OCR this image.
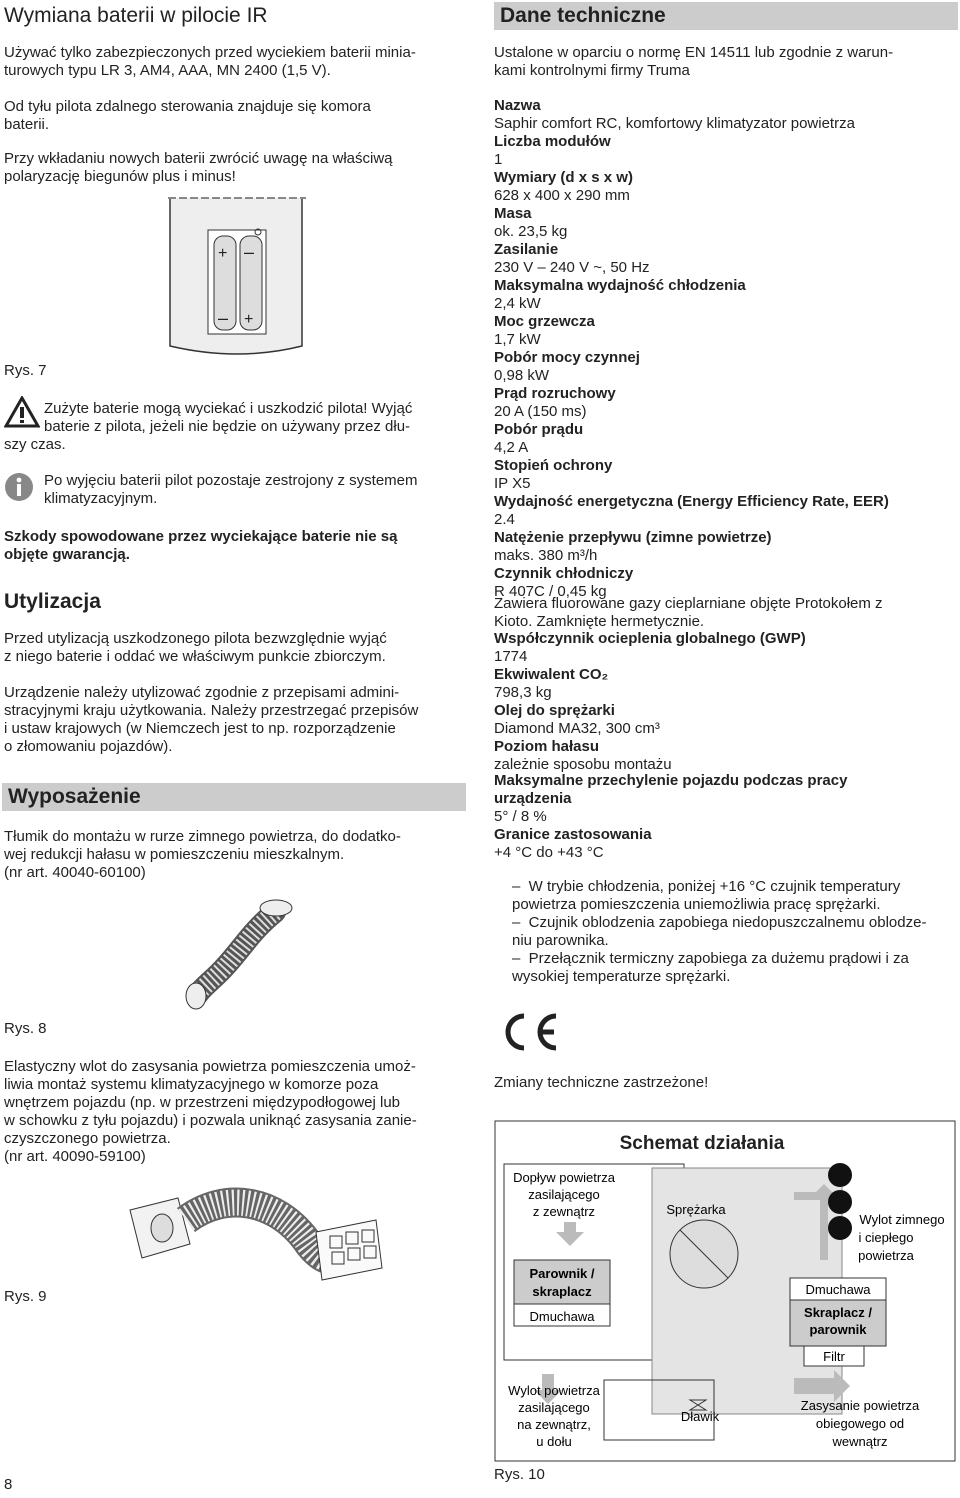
Wymiana baterii w pilocie IR

Używać tylko zabezpieczonych przed wyciekiem baterii minia-

turowych typu LR 3, AM4, AAA, MN 2400 (1,5 V).

Od tyłu pilota zdalnego sterowania znajduje się komora

baterii.

Przy wkładaniu nowych baterii zwrócić uwagę na właściwą

polaryzację biegunów plus i minus!

+ –
– +
Rys. 7

Zużyte baterie mogą wyciekać i uszkodzić pilota! Wyjąć

baterie z pilota, jeżeli nie będzie on używany przez dłu-

szy czas.

Po wyjęciu baterii pilot pozostaje zestrojony z systemem

klimatyzacyjnym.

Szkody spowodowane przez wyciekające baterie nie są

objęte gwarancją.

Utylizacja

Przed utylizacją uszkodzonego pilota bezwzględnie wyjąć

z niego baterie i oddać we właściwym punkcie zbiorczym.

Urządzenie należy utylizować zgodnie z przepisami admini-

stracyjnymi kraju użytkowania. Należy przestrzegać przepisów

i ustaw krajowych (w Niemczech jest to np. rozporządzenie

o złomowaniu pojazdów).

Wyposażenie

Tłumik do montażu w rurze zimnego powietrza, do dodatko-

wej redukcji hałasu w pomieszczeniu mieszkalnym.

(nr art. 40040-60100)

Rys. 8

Elastyczny wlot do zasysania powietrza pomieszczenia umoż-

liwia montaż systemu klimatyzacyjnego w komorze poza

wnętrzem pojazdu (np. w przestrzeni międzypodłogowej lub

w schowku z tyłu pojazdu) i pozwala uniknąć zasysania zanie-

czyszczonego powietrza.

(nr art. 40090-59100)

Rys. 9
8
Dane techniczne

Ustalone w oparciu o normę EN 14511 lub zgodnie z warun-

kami kontrolnymi firmy Truma

Nazwa

Saphir comfort RC, komfortowy klimatyzator powietrza

Liczba modułów

1

Wymiary (d x s x w)

628 x 400 x 290 mm

Masa

ok. 23,5 kg

Zasilanie

230 V – 240 V ~, 50 Hz

Maksymalna wydajność chłodzenia

2,4 kW

Moc grzewcza

1,7 kW

Pobór mocy czynnej

0,98 kW

Prąd rozruchowy

20 A (150 ms)

Pobór prądu

4,2 A

Stopień ochrony

IP X5

Wydajność energetyczna (Energy Efficiency Rate, EER)

2.4

Natężenie przepływu (zimne powietrze)

maks. 380 m³/h

Czynnik chłodniczy

R 407C / 0,45 kg

Zawiera fluorowane gazy cieplarniane objęte Protokołem z

Kioto. Zamknięte hermetycznie.

Współczynnik ocieplenia globalnego (GWP)

1774

Ekwiwalent CO₂

798,3 kg

Olej do sprężarki

Diamond MA32, 300 cm³

Poziom hałasu

zależnie sposobu montażu

Maksymalne przechylenie pojazdu podczas pracy

urządzenia

5° / 8 %

Granice zastosowania

+4 °C do +43 °C

–  W trybie chłodzenia, poniżej +16 °C czujnik temperatury

powietrza pomieszczenia uniemożliwia pracę sprężarki.

–  Czujnik oblodzenia zapobiega niedopuszczalnemu oblodze-

niu parownika.

–  Przełącznik termiczny zapobiega za dużemu prądowi i za

wysokiej temperaturze sprężarki.

Zmiany techniczne zastrzeżone!
Schemat działania
Parownik /
skraplacz
Dmuchawa
Dmuchawa
Skraplacz /
parownik
Filtr
Dopływ powietrza
zasilającego
z zewnątrz	Sprężarka
Wylot zimnego
i ciepłego
powietrza
Wylot powietrza
zasilającego
na zewnątrz,
u dołu
Dławik
Zasysanie powietrza
obiegowego od
wewnątrz
Rys. 10
